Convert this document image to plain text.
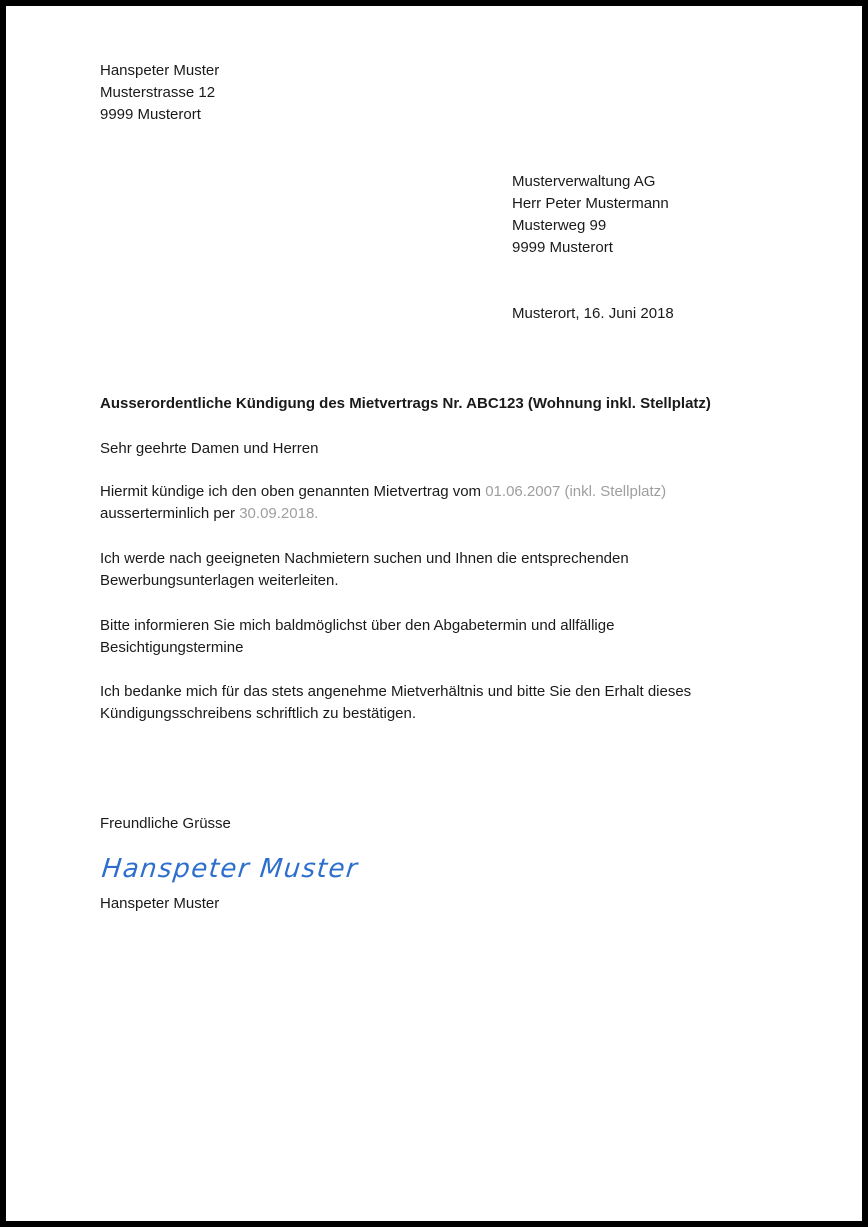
Hanspeter Muster
Musterstrasse 12
9999 Musterort
Musterverwaltung AG
Herr Peter Mustermann
Musterweg 99
9999 Musterort
Musterort, 16. Juni 2018
Ausserordentliche Kündigung des Mietvertrags Nr. ABC123 (Wohnung inkl. Stellplatz)
Sehr geehrte Damen und Herren

Hiermit kündige ich den oben genannten Mietvertrag vom 01.06.2007 (inkl. Stellplatz) ausserterminlich per 30.09.2018.

Ich werde nach geeigneten Nachmietern suchen und Ihnen die entsprechenden Bewerbungsunterlagen weiterleiten.

Bitte informieren Sie mich baldmöglichst über den Abgabetermin und allfällige Besichtigungstermine

Ich bedanke mich für das stets angenehme Mietverhältnis und bitte Sie den Erhalt dieses Kündigungsschreibens schriftlich zu bestätigen.

Freundliche Grüsse
Hanspeter Muster
Hanspeter Muster
